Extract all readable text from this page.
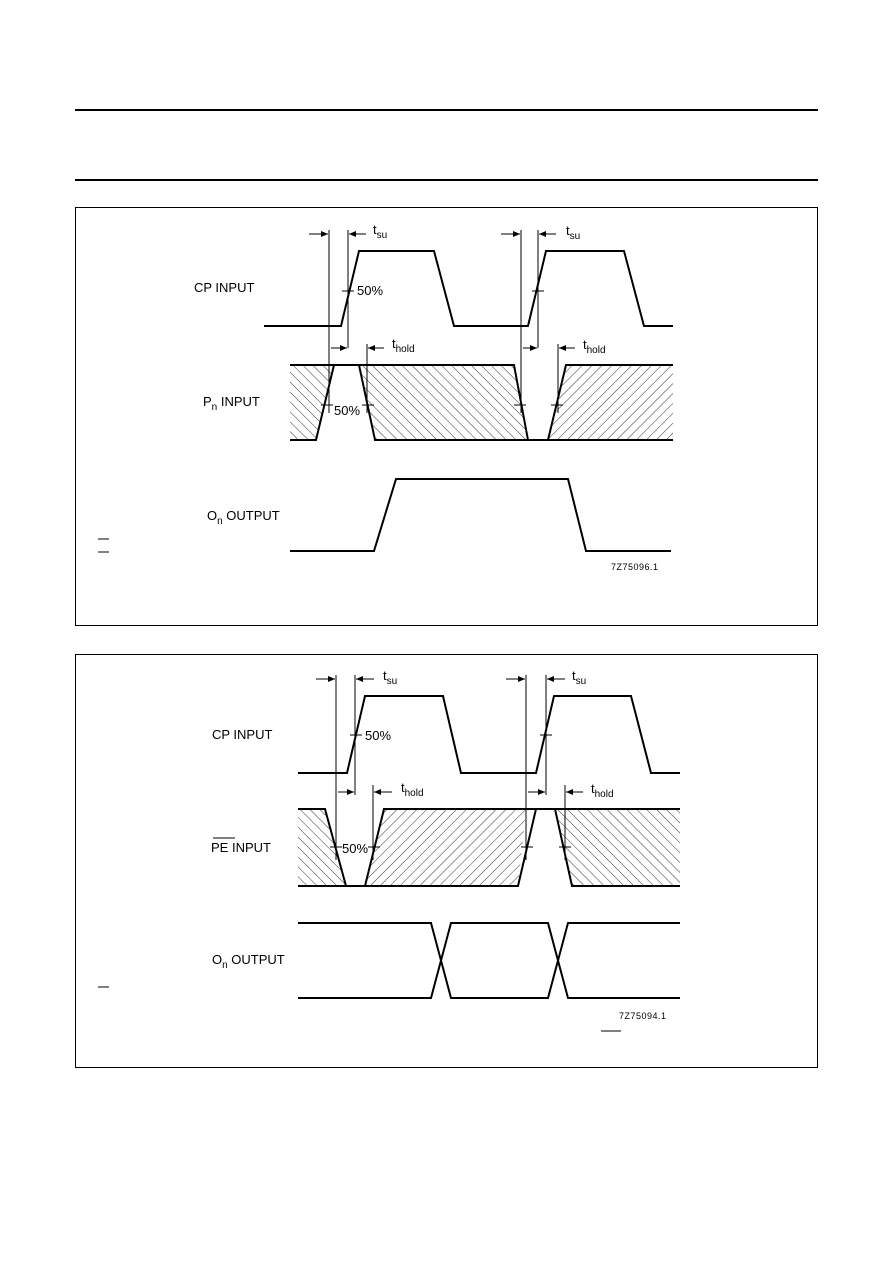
CP INPUT
$P_n$ INPUT
$O_n$ OUTPUT
$t_{su}$	$t_{su}$
$t_{hold}$	$t_{hold}$
50%
50%
7Z75096.1
CP INPUT
PE INPUT
$O_n$ OUTPUT
$t_{su}$	$t_{su}$
$t_{hold}$	$t_{hold}$
50%
50%
7Z75094.1
